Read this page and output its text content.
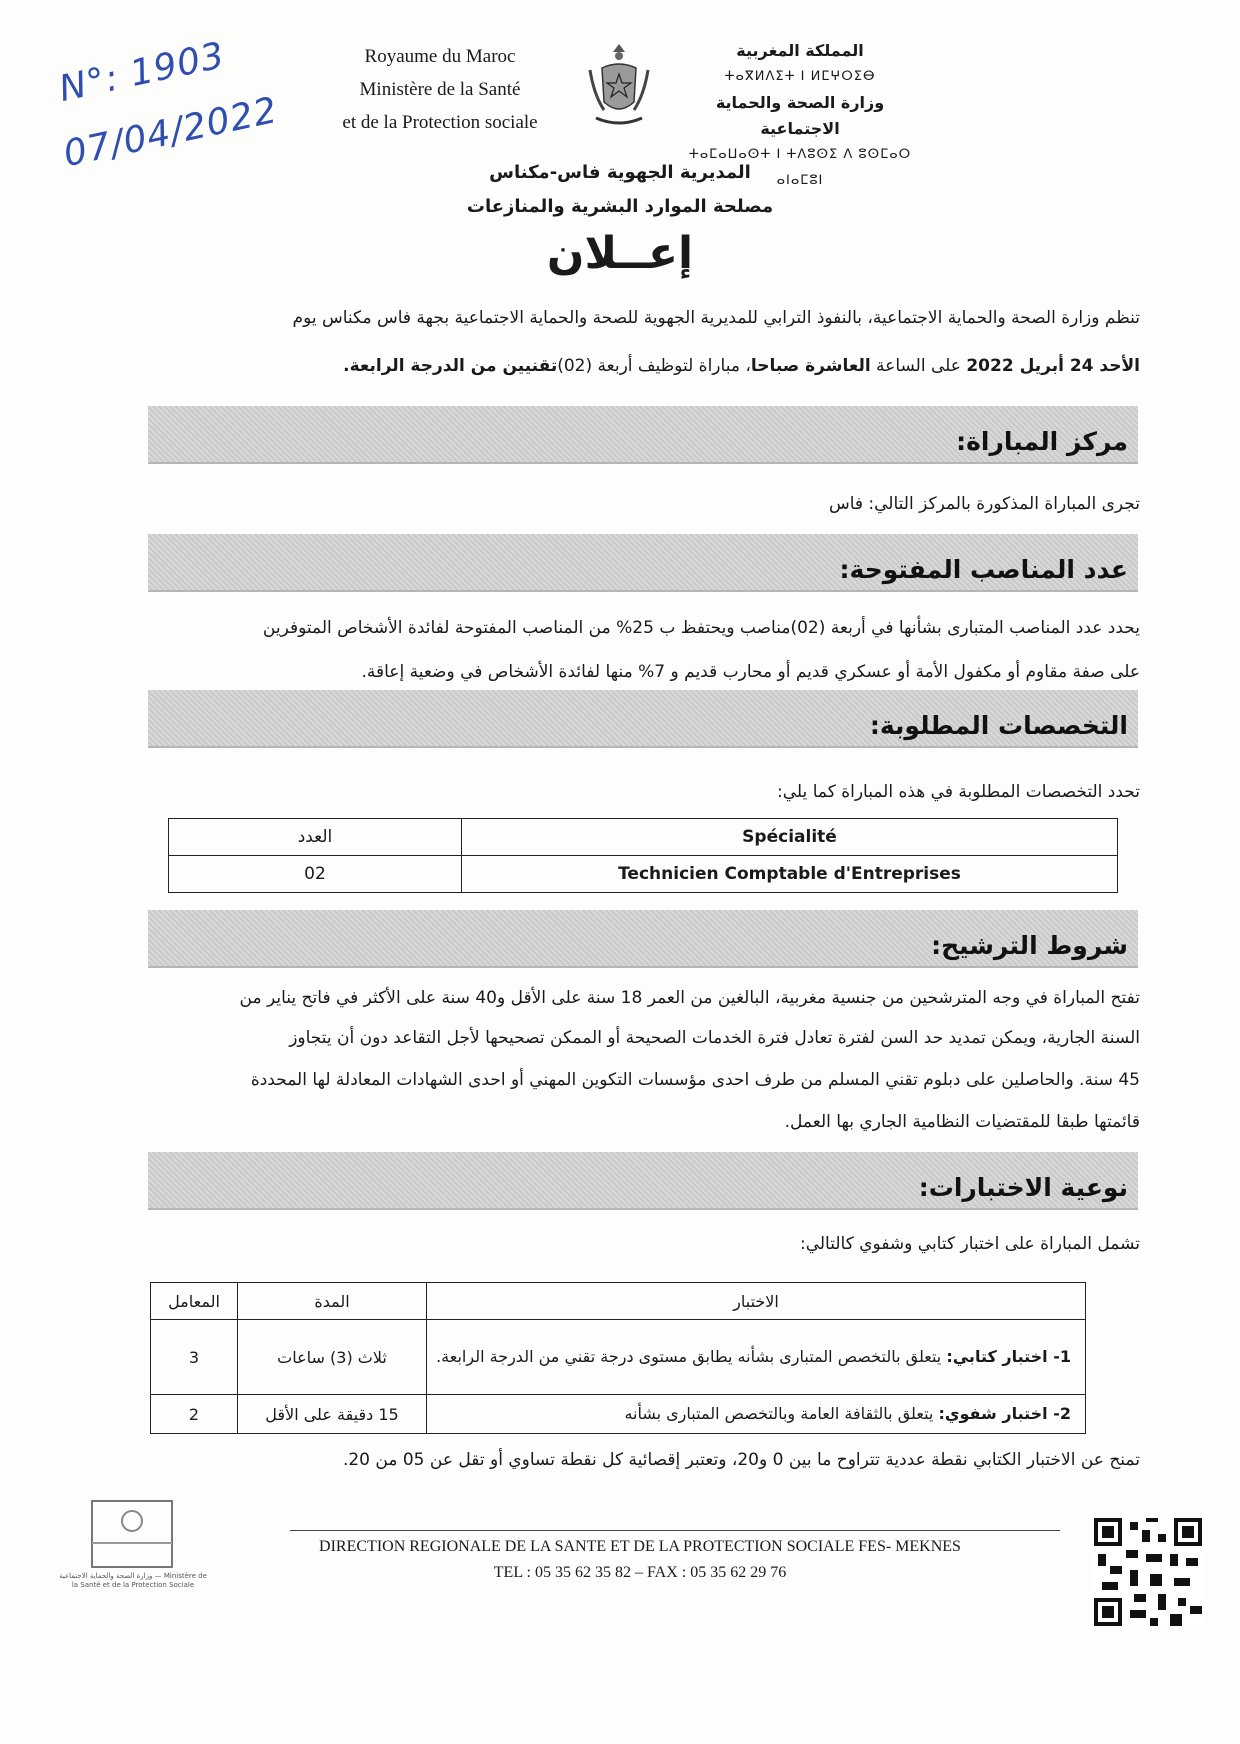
N°: 1903
07/04/2022
Royaume du Maroc
Ministère de la Santé
et de la Protection sociale
المملكة المغربية
ⵜⴰⴳⵍⴷⵉⵜ ⵏ ⵍⵎⵖⵔⵉⴱ
وزارة الصحة والحماية الاجتماعية
ⵜⴰⵎⴰⵡⴰⵙⵜ ⵏ ⵜⴷⵓⵙⵉ ⴷ ⵓⵙⵎⴰⵔ ⴰⵏⴰⵎⵓⵏ
المديرية الجهوية فاس-مكناس
مصلحة الموارد البشرية والمنازعات
إعــلان
تنظم وزارة الصحة والحماية الاجتماعية، بالنفوذ الترابي للمديرية الجهوية للصحة والحماية الاجتماعية بجهة فاس مكناس يوم
الأحد 24 أبريل 2022 على الساعة العاشرة صباحا، مباراة لتوظيف أربعة (02)تقنيين من الدرجة الرابعة.
مركز المباراة:
تجرى المباراة المذكورة بالمركز التالي: فاس
عدد المناصب المفتوحة:
يحدد عدد المناصب المتبارى بشأنها في أربعة (02)مناصب ويحتفظ ب 25% من المناصب المفتوحة لفائدة الأشخاص المتوفرين
على صفة مقاوم أو مكفول الأمة أو عسكري قديم أو محارب قديم و 7% منها لفائدة الأشخاص في وضعية إعاقة.
التخصصات المطلوبة:
تحدد التخصصات المطلوبة في هذه المباراة كما يلي:
العدد	Spécialité
02	Technicien Comptable d'Entreprises
شروط الترشيح:
تفتح المباراة في وجه المترشحين من جنسية مغربية، البالغين من العمر 18 سنة على الأقل و40 سنة على الأكثر في فاتح يناير من
السنة الجارية، ويمكن تمديد حد السن لفترة تعادل فترة الخدمات الصحيحة أو الممكن تصحيحها لأجل التقاعد دون أن يتجاوز
45 سنة. والحاصلين على دبلوم تقني المسلم من طرف احدى مؤسسات التكوين المهني أو احدى الشهادات المعادلة لها المحددة
قائمتها طبقا للمقتضيات النظامية الجاري بها العمل.
نوعية الاختبارات:
تشمل المباراة على اختبار كتابي وشفوي كالتالي:
الاختبار	المدة	المعامل
1- اختبار كتابي: يتعلق بالتخصص المتبارى بشأنه يطابق مستوى درجة تقني من الدرجة الرابعة.	ثلاث (3) ساعات	3
2- اختبار شفوي: يتعلق بالثقافة العامة وبالتخصص المتبارى بشأنه	15 دقيقة على الأقل	2
تمنح عن الاختبار الكتابي نقطة عددية تتراوح ما بين 0 و20، وتعتبر إقصائية كل نقطة تساوي أو تقل عن 05 من 20.
وزارة الصحة والحماية الاجتماعية — Ministère de la Santé et de la Protection Sociale
DIRECTION REGIONALE DE LA SANTE ET DE LA PROTECTION SOCIALE FES- MEKNES
TEL : 05 35 62 35 82 – FAX : 05 35 62 29 76
